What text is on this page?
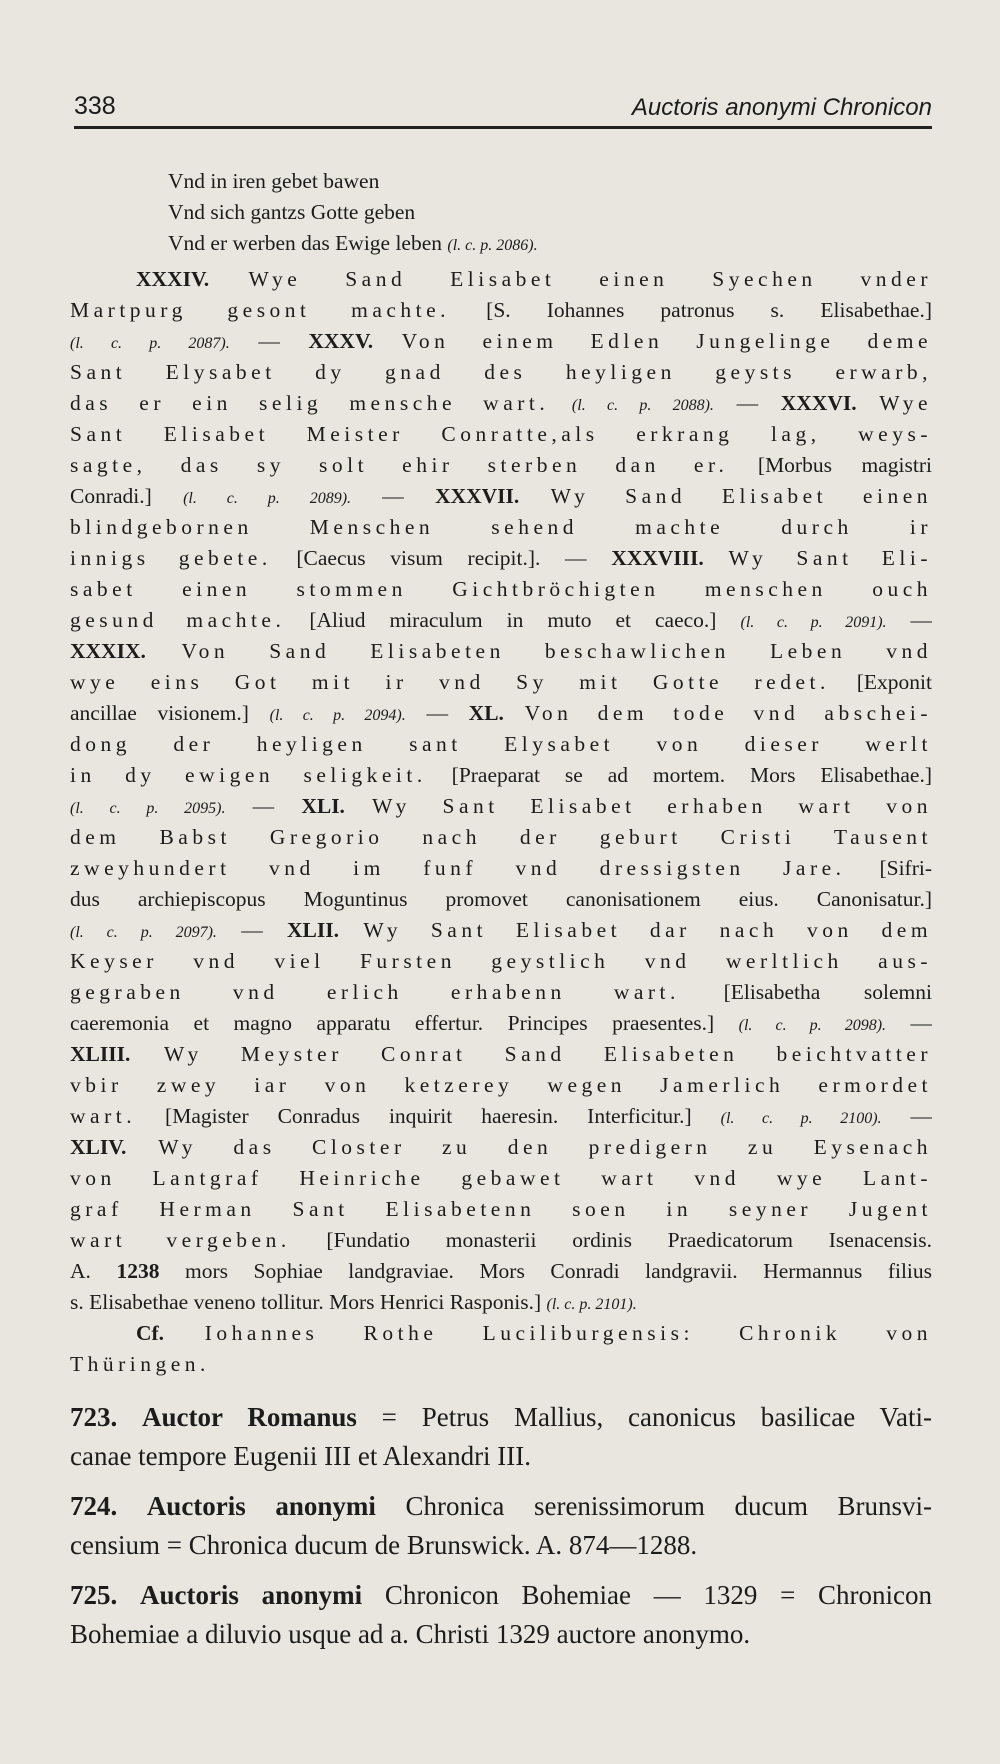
338	Auctoris anonymi Chronicon
Vnd in iren gebet bawen
Vnd sich gantzs Gotte geben
Vnd er werben das Ewige leben (l. c. p. 2086).
XXXIV. Wye Sand Elisabet einen Syechen vnder
Martpurg gesont machte. [S. Iohannes patronus s. Elisabethae.]
(l. c. p. 2087). — XXXV. Von einem Edlen Jungelinge deme
Sant Elysabet dy gnad des heyligen geysts erwarb,
das er ein selig mensche wart. (l. c. p. 2088). — XXXVI. Wye
Sant Elisabet Meister Conratte,als erkrang lag, weys-
sagte, das sy solt ehir sterben dan er. [Morbus magistri
Conradi.] (l. c. p. 2089). — XXXVII. Wy Sand Elisabet einen
blindgebornen Menschen sehend machte durch ir
innigs gebete. [Caecus visum recipit.]. — XXXVIII. Wy Sant Eli-
sabet einen stommen Gichtbröchigten menschen ouch
gesund machte. [Aliud miraculum in muto et caeco.] (l. c. p. 2091). —
XXXIX. Von Sand Elisabeten beschawlichen Leben vnd
wye eins Got mit ir vnd Sy mit Gotte redet. [Exponit
ancillae visionem.] (l. c. p. 2094). — XL. Von dem tode vnd abschei-
dong der heyligen sant Elysabet von dieser werlt
in dy ewigen seligkeit. [Praeparat se ad mortem. Mors Elisabethae.]
(l. c. p. 2095). — XLI. Wy Sant Elisabet erhaben wart von
dem Babst Gregorio nach der geburt Cristi Tausent
zweyhundert vnd im funf vnd dressigsten Jare. [Sifri-
dus archiepiscopus Moguntinus promovet canonisationem eius. Canonisatur.]
(l. c. p. 2097). — XLII. Wy Sant Elisabet dar nach von dem
Keyser vnd viel Fursten geystlich vnd werltlich aus-
gegraben vnd erlich erhabenn wart. [Elisabetha solemni
caeremonia et magno apparatu effertur. Principes praesentes.] (l. c. p. 2098). —
XLIII. Wy Meyster Conrat Sand Elisabeten beichtvatter
vbir zwey iar von ketzerey wegen Jamerlich ermordet
wart. [Magister Conradus inquirit haeresin. Interficitur.] (l. c. p. 2100). —
XLIV. Wy das Closter zu den predigern zu Eysenach
von Lantgraf Heinriche gebawet wart vnd wye Lant-
graf Herman Sant Elisabetenn soen in seyner Jugent
wart vergeben. [Fundatio monasterii ordinis Praedicatorum Isenacensis.
A. 1238 mors Sophiae landgraviae. Mors Conradi landgravii. Hermannus filius
s. Elisabethae veneno tollitur. Mors Henrici Rasponis.] (l. c. p. 2101).
Cf. Iohannes Rothe Luciliburgensis: Chronik von
Thüringen.
723. Auctor Romanus = Petrus Mallius, canonicus basilicae Vati-
canae tempore Eugenii III et Alexandri III.
724. Auctoris anonymi Chronica serenissimorum ducum Brunsvi-
censium = Chronica ducum de Brunswick. A. 874—1288.
725. Auctoris anonymi Chronicon Bohemiae — 1329 = Chronicon
Bohemiae a diluvio usque ad a. Christi 1329 auctore anonymo.
